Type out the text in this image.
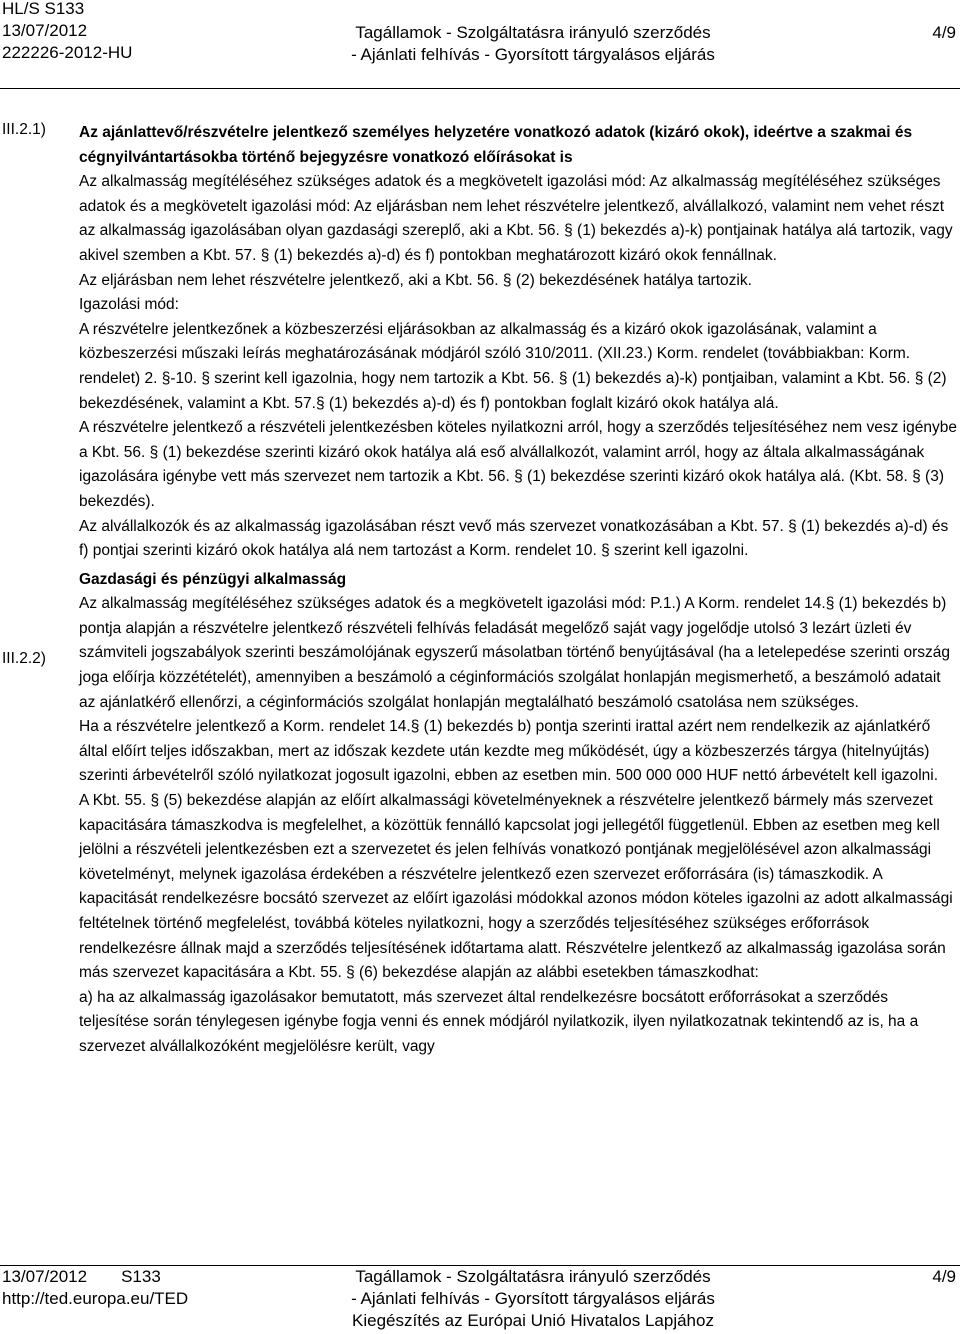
HL/S S133
13/07/2012
222226-2012-HU
Tagállamok - Szolgáltatásra irányuló szerződés
- Ajánlati felhívás - Gyorsított tárgyalásos eljárás
4/9
III.2.1)
III.2.2)

Az ajánlattevő/részvételre jelentkező személyes helyzetére vonatkozó adatok (kizáró okok), ideértve a szakmai és cégnyilvántartásokba történő bejegyzésre vonatkozó előírásokat is

Az alkalmasság megítéléséhez szükséges adatok és a megkövetelt igazolási mód: Az alkalmasság megítéléséhez szükséges adatok és a megkövetelt igazolási mód: Az eljárásban nem lehet részvételre jelentkező, alvállalkozó, valamint nem vehet részt az alkalmasság igazolásában olyan gazdasági szereplő, aki a Kbt. 56. § (1) bekezdés a)-k) pontjainak hatálya alá tartozik, vagy akivel szemben a Kbt. 57. § (1) bekezdés a)-d) és f) pontokban meghatározott kizáró okok fennállnak.

Az eljárásban nem lehet részvételre jelentkező, aki a Kbt. 56. § (2) bekezdésének hatálya tartozik.

Igazolási mód:

A részvételre jelentkezőnek a közbeszerzési eljárásokban az alkalmasság és a kizáró okok igazolásának, valamint a közbeszerzési műszaki leírás meghatározásának módjáról szóló 310/2011. (XII.23.) Korm. rendelet (továbbiakban: Korm. rendelet) 2. §-10. § szerint kell igazolnia, hogy nem tartozik a Kbt. 56. § (1) bekezdés a)-k) pontjaiban, valamint a Kbt. 56. § (2) bekezdésének, valamint a Kbt. 57.§ (1) bekezdés a)-d) és f) pontokban foglalt kizáró okok hatálya alá.

A részvételre jelentkező a részvételi jelentkezésben köteles nyilatkozni arról, hogy a szerződés teljesítéséhez nem vesz igénybe a Kbt. 56. § (1) bekezdése szerinti kizáró okok hatálya alá eső alvállalkozót, valamint arról, hogy az általa alkalmasságának igazolására igénybe vett más szervezet nem tartozik a Kbt. 56. § (1) bekezdése szerinti kizáró okok hatálya alá. (Kbt. 58. § (3) bekezdés).

Az alvállalkozók és az alkalmasság igazolásában részt vevő más szervezet vonatkozásában a Kbt. 57. § (1) bekezdés a)-d) és f) pontjai szerinti kizáró okok hatálya alá nem tartozást a Korm. rendelet 10. § szerint kell igazolni.

Gazdasági és pénzügyi alkalmasság

Az alkalmasság megítéléséhez szükséges adatok és a megkövetelt igazolási mód: P.1.) A Korm. rendelet 14.§ (1) bekezdés b) pontja alapján a részvételre jelentkező részvételi felhívás feladását megelőző saját vagy jogelődje utolsó 3 lezárt üzleti év számviteli jogszabályok szerinti beszámolójának egyszerű másolatban történő benyújtásával (ha a letelepedése szerinti ország joga előírja közzétételét), amennyiben a beszámoló a céginformációs szolgálat honlapján megismerhető, a beszámoló adatait az ajánlatkérő ellenőrzi, a céginformációs szolgálat honlapján megtalálható beszámoló csatolása nem szükséges.

Ha a részvételre jelentkező a Korm. rendelet 14.§ (1) bekezdés b) pontja szerinti irattal azért nem rendelkezik az ajánlatkérő által előírt teljes időszakban, mert az időszak kezdete után kezdte meg működését, úgy a közbeszerzés tárgya (hitelnyújtás) szerinti árbevételről szóló nyilatkozat jogosult igazolni, ebben az esetben min. 500 000 000 HUF nettó árbevételt kell igazolni.

A Kbt. 55. § (5) bekezdése alapján az előírt alkalmassági követelményeknek a részvételre jelentkező bármely más szervezet kapacitására támaszkodva is megfelelhet, a közöttük fennálló kapcsolat jogi jellegétől függetlenül. Ebben az esetben meg kell jelölni a részvételi jelentkezésben ezt a szervezetet és jelen felhívás vonatkozó pontjának megjelölésével azon alkalmassági követelményt, melynek igazolása érdekében a részvételre jelentkező ezen szervezet erőforrására (is) támaszkodik. A kapacitását rendelkezésre bocsátó szervezet az előírt igazolási módokkal azonos módon köteles igazolni az adott alkalmassági feltételnek történő megfelelést, továbbá köteles nyilatkozni, hogy a szerződés teljesítéséhez szükséges erőforrások rendelkezésre állnak majd a szerződés teljesítésének időtartama alatt. Részvételre jelentkező az alkalmasság igazolása során más szervezet kapacitására a Kbt. 55. § (6) bekezdése alapján az alábbi esetekben támaszkodhat:

a) ha az alkalmasság igazolásakor bemutatott, más szervezet által rendelkezésre bocsátott erőforrásokat a szerződés teljesítése során ténylegesen igénybe fogja venni és ennek módjáról nyilatkozik, ilyen nyilatkozatnak tekintendő az is, ha a szervezet alvállalkozóként megjelölésre került, vagy

13/07/2012 S133
http://ted.europa.eu/TED
Tagállamok - Szolgáltatásra irányuló szerződés
- Ajánlati felhívás - Gyorsított tárgyalásos eljárás
Kiegészítés az Európai Unió Hivatalos Lapjához
4/9
